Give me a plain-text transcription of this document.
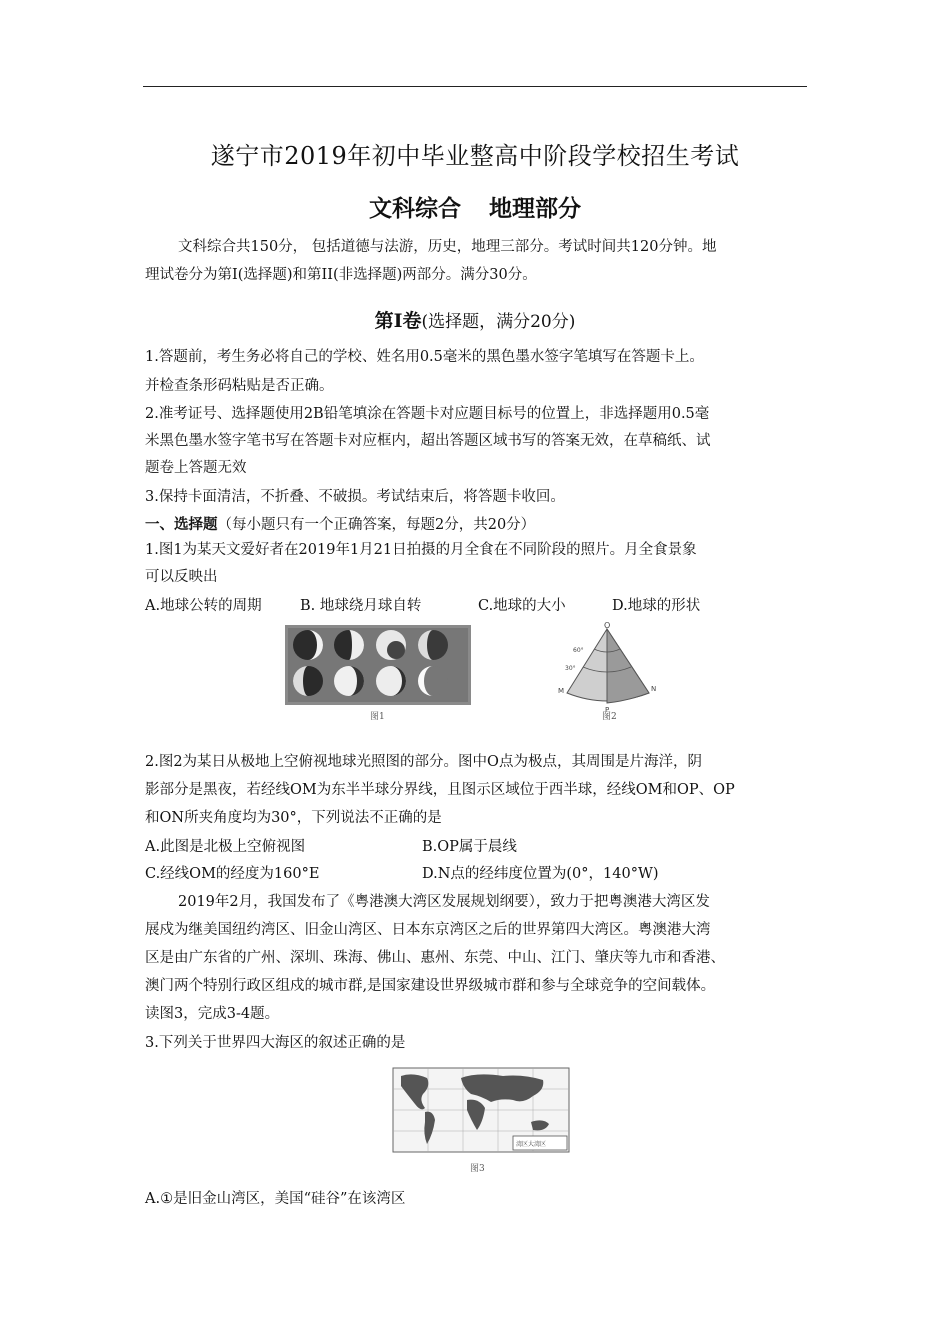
遂宁市2019年初中毕业整高中阶段学校招生考试
文科综合 地理部分
文科综合共150分， 包括道德与法游，历史，地理三部分。考试时间共120分钟。地
理试卷分为第Ⅰ(选择题)和第II(非选择题)两部分。满分30分。
第Ⅰ卷(选择题，满分20分)
1.答题前，考生务必将自己的学校、姓名用0.5毫米的黑色墨水签字笔填写在答题卡上。
并检查条形码粘贴是否正确。
2.准考证号、选择题使用2B铅笔填涂在答题卡对应题目标号的位置上，非选择题用0.5毫
米黑色墨水签字笔书写在答题卡对应框内，超出答题区域书写的答案无效，在草稿纸、试
题卷上答题无效
3.保持卡面清洁，不折叠、不破损。考试结束后，将答题卡收回。
一、选择题（每小题只有一个正确答案，每题2分，共20分）
1.图1为某天文爱好者在2019年1月21日拍摄的月全食在不同阶段的照片。月全食景象
可以反映出
A.地球公转的周期	B. 地球绕月球自转	C.地球的大小	D.地球的形状
图1
O
60°
30°
M
P
N
图2
2.图2为某日从极地上空俯视地球光照图的部分。图中O点为极点，其周围是片海洋，阴
影部分是黑夜，若经线OM为东半半球分界线，且图示区域位于西半球，经线OM和OP、OP
和ON所夹角度均为30°，下列说法不正确的是
A.此图是北极上空俯视图	B.OP属于晨线
C.经线OM的经度为160°E	D.N点的经纬度位置为(0°，140°W)
2019年2月，我国发布了《粤港澳大湾区发展规划纲要），致力于把粤澳港大湾区发
展戍为继美国纽约湾区、旧金山湾区、日本东京湾区之后的世界第四大湾区。粤澳港大湾
区是由广东省的广州、深圳、珠海、佛山、惠州、东莞、中山、江门、肇庆等九市和香港、
澳门两个特别行政区组戍的城市群,是国家建设世界级城市群和参与全球竞争的空间载体。
读图3，完成3-4题。
3.下列关于世界四大海区的叙述正确的是
湾区大湾区
图3
A.①是旧金山湾区，美国“硅谷”在该湾区
